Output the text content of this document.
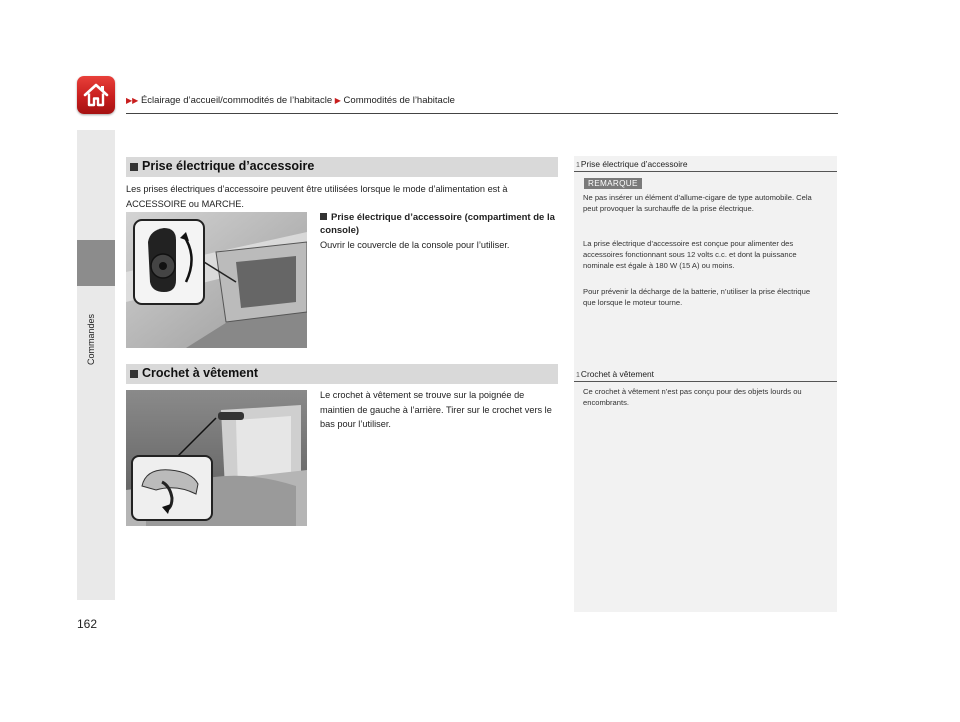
▶▶ Éclairage d’accueil/commodités de l’habitacle ▶ Commodités de l’habitacle
Commandes
Prise électrique d’accessoire
Les prises électriques d’accessoire peuvent être utilisées lorsque le mode d’alimentation est à ACCESSOIRE ou MARCHE.
Prise électrique d’accessoire (compartiment de la console)
Ouvrir le couvercle de la console pour l’utiliser.
Crochet à vêtement
Le crochet à vêtement se trouve sur la poignée de maintien de gauche à l’arrière. Tirer sur le crochet vers le bas pour l’utiliser.
1Prise électrique d’accessoire
REMARQUE
Ne pas insérer un élément d’allume-cigare de type automobile. Cela peut provoquer la surchauffe de la prise électrique.
La prise électrique d’accessoire est conçue pour alimenter des accessoires fonctionnant sous 12 volts c.c. et dont la puissance nominale est égale à 180 W (15 A) ou moins.
Pour prévenir la décharge de la batterie, n’utiliser la prise électrique que lorsque le moteur tourne.
1Crochet à vêtement
Ce crochet à vêtement n’est pas conçu pour des objets lourds ou encombrants.
162
